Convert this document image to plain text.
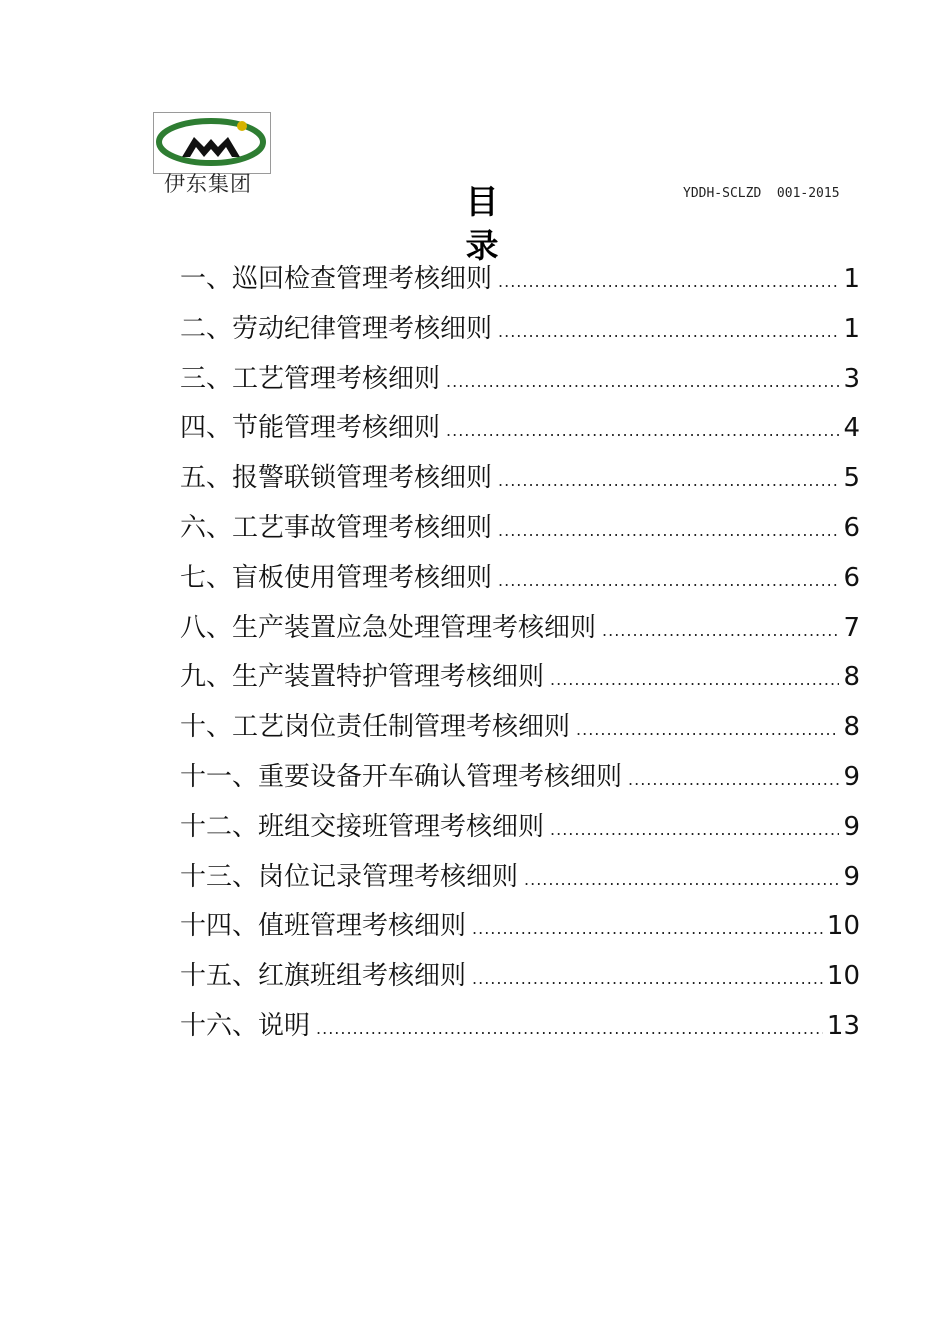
伊东集团	目 录
YDDH-SCLZD  001-2015
一、巡回检查管理考核细则 .....	1
二、劳动纪律管理考核细则 .....	1
三、工艺管理考核细则 .....	3
四、节能管理考核细则 .....	4
五、报警联锁管理考核细则 .....	5
六、工艺事故管理考核细则 .....	6
七、盲板使用管理考核细则 .....	6
八、生产装置应急处理管理考核细则 .....	7
九、生产装置特护管理考核细则 .....	8
十、工艺岗位责任制管理考核细则 .....	8
十一、重要设备开车确认管理考核细则 .....	9
十二、班组交接班管理考核细则 .....	9
十三、岗位记录管理考核细则 .....	9
十四、值班管理考核细则 .....	10
十五、红旗班组考核细则 .....	10
十六、说明 .....	13
